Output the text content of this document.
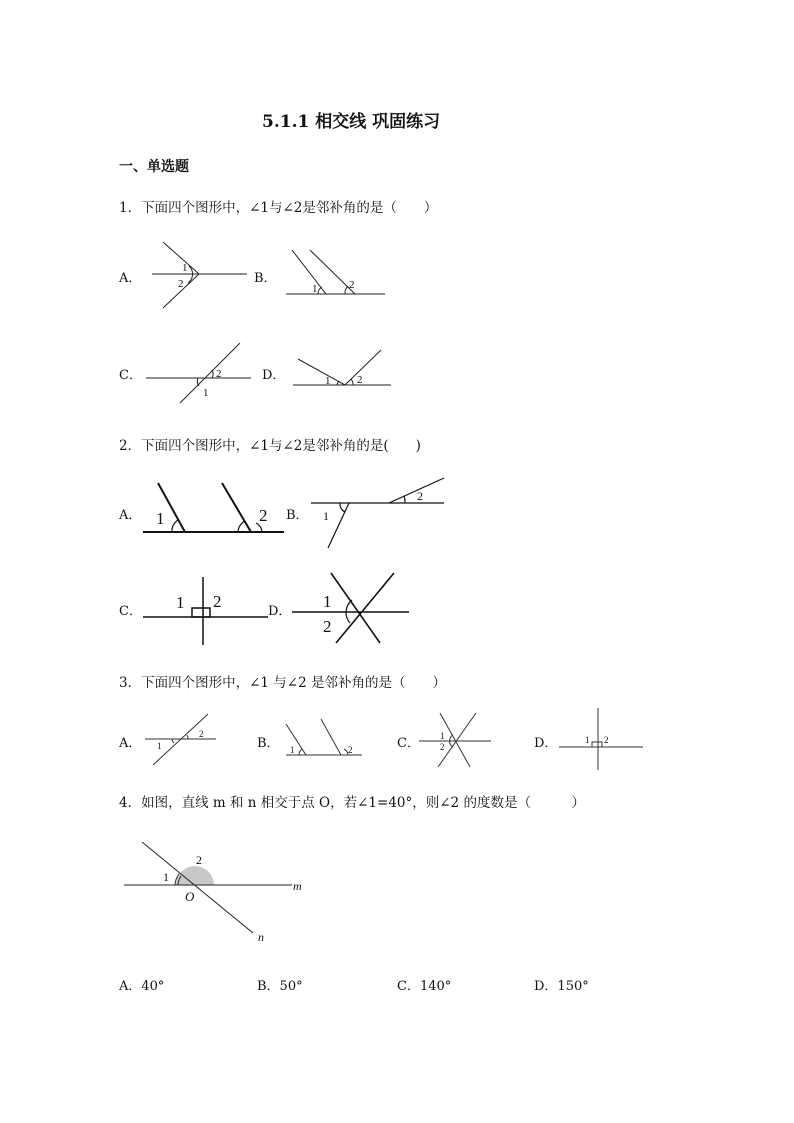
5.1.1 相交线 巩固练习
一、单选题
1．下面四个图形中，∠1与∠2是邻补角的是（　　）
A．	B．
C．	D．
1
2	1	2
2
1
1 2
2．下面四个图形中，∠1与∠2是邻补角的是(　　)
A．	B．
C．	D．
1	2	1
2
1 2	1
2
3．下面四个图形中，∠1 与∠2 是邻补角的是（　　）
A．	B．	C．	D．
2
1	1	2
1
2
1 2
4．如图，直线 m 和 n 相交于点 O，若∠1=40°，则∠2 的度数是（　　　）
1
2
O
m
n
A．40°	B．50°	C．140°	D．150°
